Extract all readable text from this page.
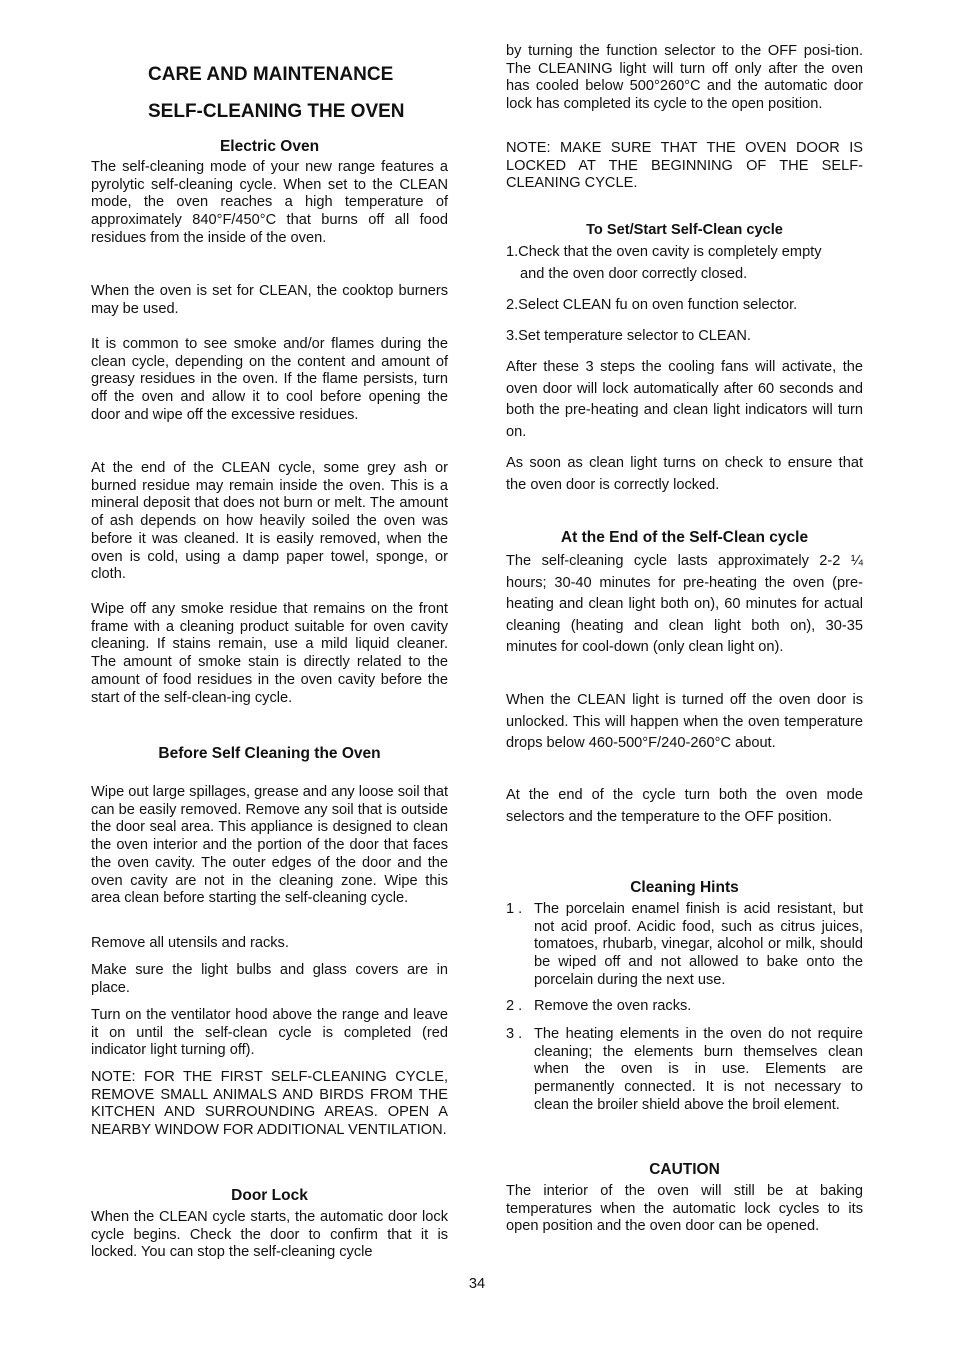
CARE AND MAINTENANCE
SELF-CLEANING THE OVEN
Electric Oven

The self-cleaning mode of your new range features a pyrolytic self-cleaning cycle. When set to the CLEAN mode, the oven reaches a high temperature of approximately 840°F/450°C that burns off all food residues from the inside of the oven.

When the oven is set for CLEAN, the cooktop burners may be used.

It is common to see smoke and/or flames during the clean cycle, depending on the content and amount of greasy residues in the oven. If the flame persists, turn off the oven and allow it to cool before opening the door and wipe off the excessive residues.

At the end of the CLEAN cycle, some grey ash or burned residue may remain inside the oven. This is a mineral deposit that does not burn or melt. The amount of ash depends on how heavily soiled the oven was before it was cleaned. It is easily removed, when the oven is cold, using a damp paper towel, sponge, or cloth.

Wipe off any smoke residue that remains on the front frame with a cleaning product suitable for oven cavity cleaning. If stains remain, use a mild liquid cleaner. The amount of smoke stain is directly related to the amount of food residues in the oven cavity before the start of the self-clean-ing cycle.

Before Self Cleaning the Oven

Wipe out large spillages, grease and any loose soil that can be easily removed. Remove any soil that is outside the door seal area. This appliance is designed to clean the oven interior and the portion of the door that faces the oven cavity. The outer edges of the door and the oven cavity are not in the cleaning zone. Wipe this area clean before starting the self-cleaning cycle.

Remove all utensils and racks.

Make sure the light bulbs and glass covers are in place.

Turn on the ventilator hood above the range and leave it on until the self-clean cycle is completed (red indicator light turning off).

NOTE: FOR THE FIRST SELF-CLEANING CYCLE, REMOVE SMALL ANIMALS AND BIRDS FROM THE KITCHEN AND SURROUNDING AREAS. OPEN A NEARBY WINDOW FOR ADDITIONAL VENTILATION.

Door Lock

When the CLEAN cycle starts, the automatic door lock cycle begins. Check the door to confirm that it is locked. You can stop the self-cleaning cycle

by turning the function selector to the OFF posi-tion. The CLEANING light will turn off only after the oven has cooled below 500°260°C and the automatic door lock has completed its cycle to the open position.

NOTE: MAKE SURE THAT THE OVEN DOOR IS LOCKED AT THE BEGINNING OF THE SELF-CLEANING CYCLE.

To Set/Start Self-Clean cycle
1.Check that the oven cavity is completely empty
and the oven door correctly closed.

2.Select CLEAN fu on oven function selector.

3.Set temperature selector to CLEAN.

After these 3 steps the cooling fans will activate, the oven door will lock automatically after 60 seconds and both the pre-heating and clean light indicators will turn on.

As soon as clean light turns on check to ensure that the oven door is correctly locked.

At the End of the Self-Clean cycle

The self-cleaning cycle lasts approximately 2-2 ¼ hours; 30-40 minutes for pre-heating the oven (pre-heating and clean light both on), 60 minutes for actual cleaning (heating and clean light both on), 30-35 minutes for cool-down (only clean light on).

When the CLEAN light is turned off the oven door is unlocked. This will happen when the oven temperature drops below 460-500°F/240-260°C about.

At the end of the cycle turn both the oven mode selectors and the temperature to the OFF position.

Cleaning Hints
1 . The porcelain enamel finish is acid resistant, but not acid proof. Acidic food, such as citrus juices, tomatoes, rhubarb, vinegar, alcohol or milk, should be wiped off and not allowed to bake onto the porcelain during the next use.
2 . Remove the oven racks.
3 . The heating elements in the oven do not require cleaning; the elements burn themselves clean when the oven is in use. Elements are permanently connected. It is not necessary to clean the broiler shield above the broil element.
CAUTION

The interior of the oven will still be at baking temperatures when the automatic lock cycles to its open position and the oven door can be opened.

34
